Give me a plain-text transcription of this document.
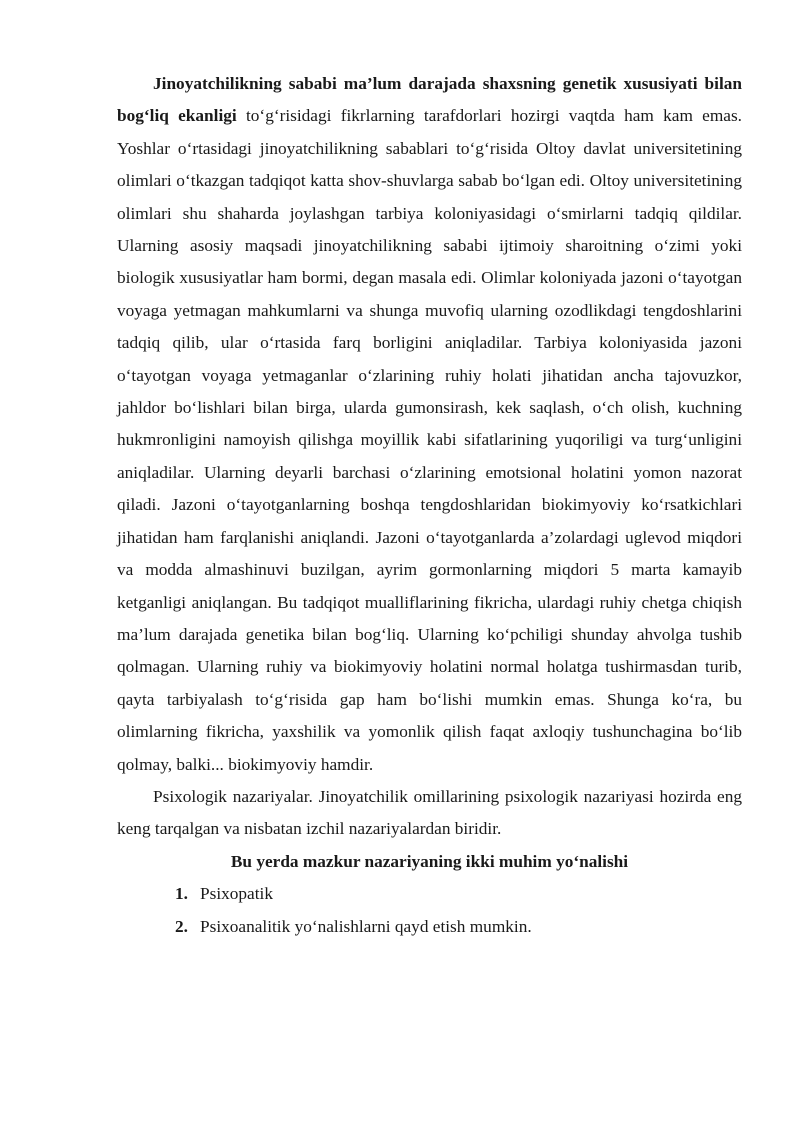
Jinoyatchilikning sababi ma’lum darajada shaxsning genetik xususiyati bilan bog‘liq ekanligi to‘g‘risidagi fikrlarning tarafdorlari hozirgi vaqtda ham kam emas. Yoshlar o‘rtasidagi jinoyatchilikning sabablari to‘g‘risida Oltoy davlat universitetining olimlari o‘tkazgan tadqiqot katta shov-shuvlarga sabab bo‘lgan edi. Oltoy universitetining olimlari shu shaharda joylashgan tarbiya koloniyasidagi o‘smirlarni tadqiq qildilar. Ularning asosiy maqsadi jinoyatchilikning sababi ijtimoiy sharoitning o‘zimi yoki biologik xususiyatlar ham bormi, degan masala edi. Olimlar koloniyada jazoni o‘tayotgan voyaga yetmagan mahkumlarni va shunga muvofiq ularning ozodlikdagi tengdoshlarini tadqiq qilib, ular o‘rtasida farq borligini aniqladilar. Tarbiya koloniyasida jazoni o‘tayotgan voyaga yetmaganlar o‘zlarining ruhiy holati jihatidan ancha tajovuzkor, jahldor bo‘lishlari bilan birga, ularda gumonsirash, kek saqlash, o‘ch olish, kuchning hukmronligini namoyish qilishga moyillik kabi sifatlarining yuqoriligi va turg‘unligini aniqladilar. Ularning deyarli barchasi o‘zlarining emotsional holatini yomon nazorat qiladi. Jazoni o‘tayotganlarning boshqa tengdoshlaridan biokimyoviy ko‘rsatkichlari jihatidan ham farqlanishi aniqlandi. Jazoni o‘tayotganlarda a’zolardagi uglevod miqdori va modda almashinuvi buzilgan, ayrim gormonlarning miqdori 5 marta kamayib ketganligi aniqlangan. Bu tadqiqot mualliflarining fikricha, ulardagi ruhiy chetga chiqish ma’lum darajada genetika bilan bog‘liq. Ularning ko‘pchiligi shunday ahvolga tushib qolmagan. Ularning ruhiy va biokimyoviy holatini normal holatga tushirmasdan turib, qayta tarbiyalash to‘g‘risida gap ham bo‘lishi mumkin emas. Shunga ko‘ra, bu olimlarning fikricha, yaxshilik va yomonlik qilish faqat axloqiy tushunchagina bo‘lib qolmay, balki... biokimyoviy hamdir.

Psixologik nazariyalar. Jinoyatchilik omillarining psixologik nazariyasi hozirda eng keng tarqalgan va nisbatan izchil nazariyalardan biridir.

Bu yerda mazkur nazariyaning ikki muhim yo‘nalishi
1. Psixopatik
2. Psixoanalitik yo‘nalishlarni qayd etish mumkin.
